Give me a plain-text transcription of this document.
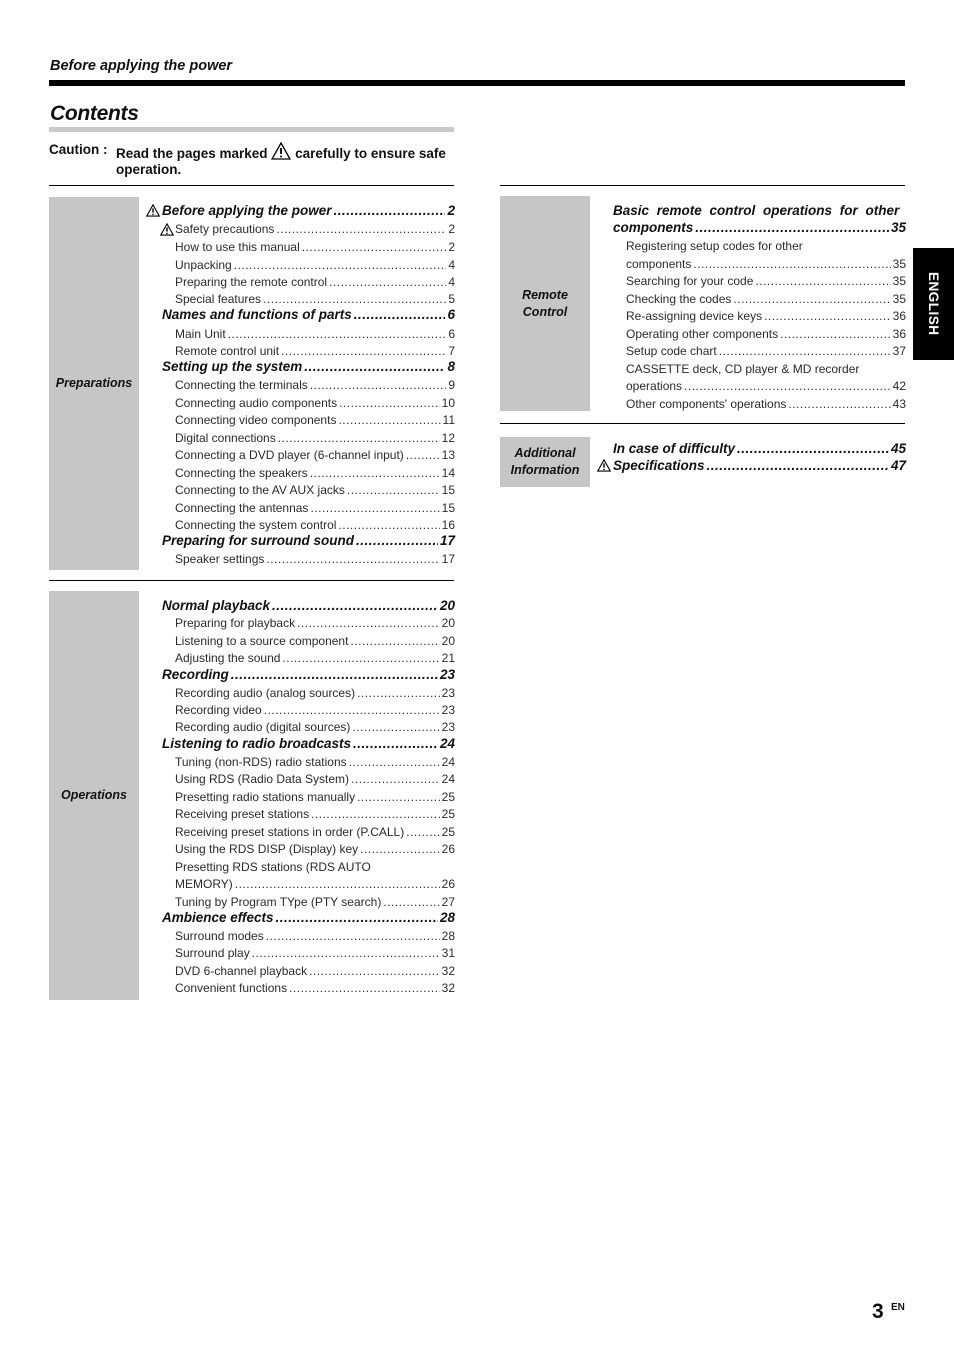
Before applying the power
Contents
Caution : Read the pages marked carefully to ensure safe operation.
Preparations
Before applying the power .....	2
Safety precautions .....	2
How to use this manual .....	2
Unpacking .....	4
Preparing the remote control .....	4
Special features .....	5
Names and functions of parts .....	6
Main Unit .....	6
Remote control unit .....	7
Setting up the system .....	8
Connecting the terminals .....	9
Connecting audio components .....	10
Connecting video components .....	11
Digital connections .....	12
Connecting a DVD player (6-channel input) .....	13
Connecting the speakers .....	14
Connecting to the AV AUX jacks .....	15
Connecting the antennas .....	15
Connecting the system control .....	16
Preparing for surround sound .....	17
Speaker settings .....	17
Operations
Normal playback .....	20
Preparing for playback .....	20
Listening to a source component .....	20
Adjusting the sound .....	21
Recording .....	23
Recording audio (analog sources) .....	23
Recording video .....	23
Recording audio (digital sources) .....	23
Listening to radio broadcasts .....	24
Tuning (non-RDS) radio stations .....	24
Using RDS (Radio Data System) .....	24
Presetting radio stations manually .....	25
Receiving preset stations .....	25
Receiving preset stations in order (P.CALL) .....	25
Using the RDS DISP (Display) key .....	26
Presetting RDS stations (RDS AUTO
MEMORY) .....	26
Tuning by Program TYpe (PTY search) .....	27
Ambience effects .....	28
Surround modes .....	28
Surround play .....	31
DVD 6-channel playback .....	32
Convenient functions .....	32
Remote
Control
Basic remote control operations for other
components .....	35
Registering setup codes for other
components .....	35
Searching for your code .....	35
Checking the codes .....	35
Re-assigning device keys .....	36
Operating other components .....	36
Setup code chart .....	37
CASSETTE deck, CD player & MD recorder
operations .....	42
Other components' operations .....	43
Additional
Information
In case of difficulty .....	45
Specifications .....	47
ENGLISH
3 EN
